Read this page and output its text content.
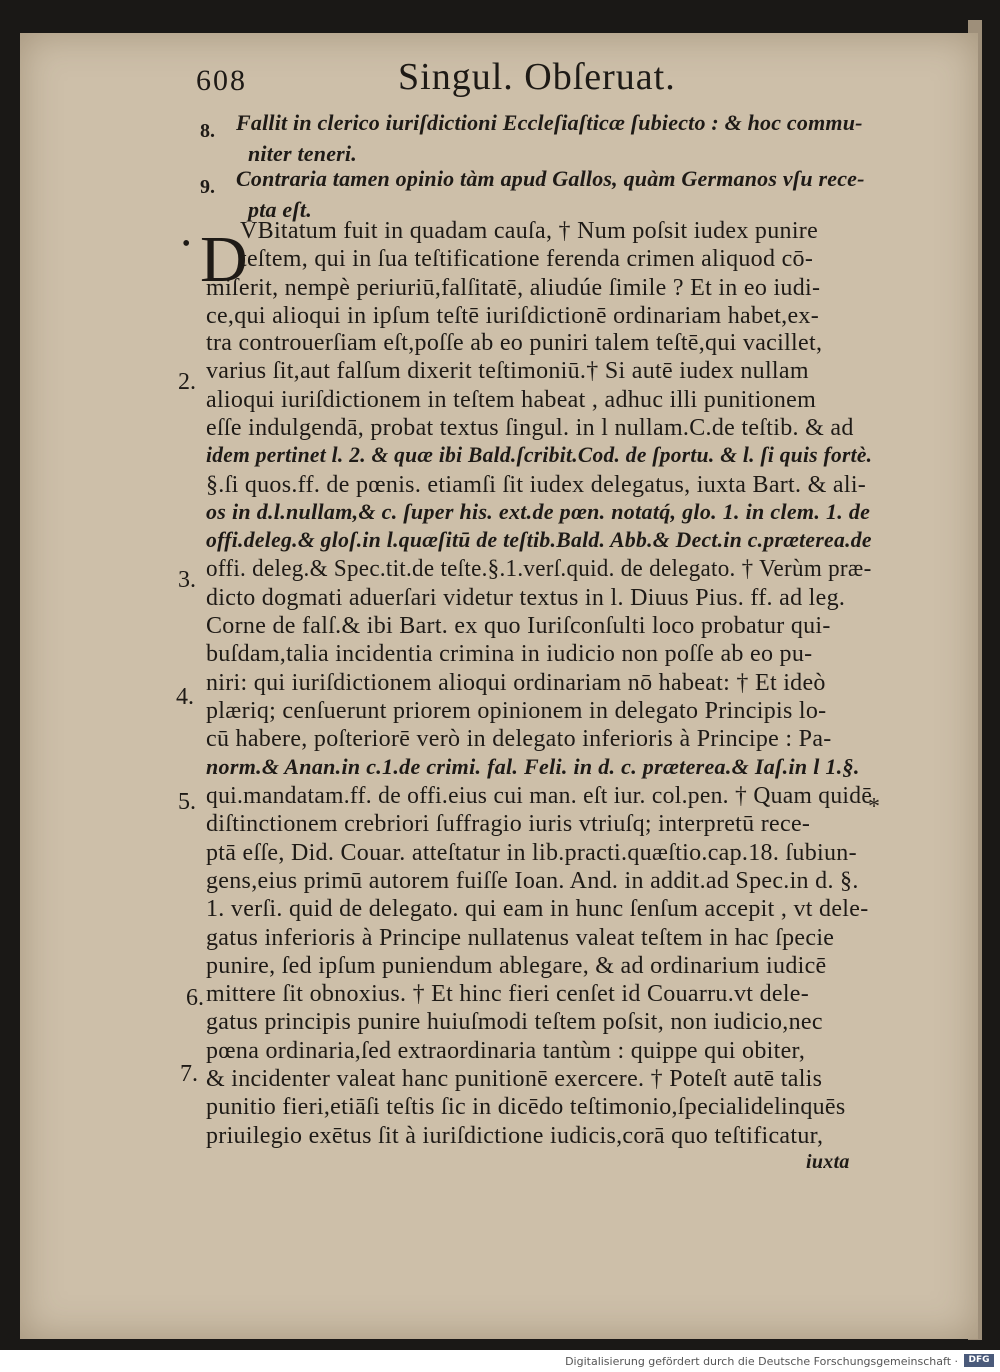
608	Singul. Obſeruat.
8. Fallit in clerico iuriſdictioni Eccleſiaſticæ ſubiecto : & hoc commu-
niter teneri.
9. Contraria tamen opinio tàm apud Gallos, quàm Germanos vſu rece-
pta eſt.
D
VBitatum fuit in quadam cauſa, † Num poſsit iudex punire
teſtem, qui in ſua teſtificatione ferenda crimen aliquod cō-
miſerit, nempè periuriū,falſitatē, aliudúe ſimile ? Et in eo iudi-
ce,qui alioqui in ipſum teſtē iuriſdictionē ordinariam habet,ex-
tra controuerſiam eſt,poſſe ab eo puniri talem teſtē,qui vacillet,
varius ſit,aut falſum dixerit teſtimoniū.† Si autē iudex nullam
alioqui iuriſdictionem in teſtem habeat , adhuc illi punitionem
eſſe indulgendā, probat textus ſingul. in l nullam.C.de teſtib. & ad
idem pertinet l. 2. & quæ ibi Bald.ſcribit.Cod. de ſportu. & l. ſi quis fortè.
§.ſi quos.ff. de pœnis. etiamſi ſit iudex delegatus, iuxta Bart. & ali-
os in d.l.nullam,& c. ſuper his. ext.de pœn. notatq́, glo. 1. in clem. 1. de
offi.deleg.& gloſ.in l.quæſitū de teſtib.Bald. Abb.& Dect.in c.præterea.de
offi. deleg.& Spec.tit.de teſte.§.1.verſ.quid. de delegato. † Verùm præ-
dicto dogmati aduerſari videtur textus in l. Diuus Pius. ff. ad leg.
Corne de falſ.& ibi Bart. ex quo Iuriſconſulti loco probatur qui-
buſdam,talia incidentia crimina in iudicio non poſſe ab eo pu-
niri: qui iuriſdictionem alioqui ordinariam nō habeat: † Et ideò
plæriq; cenſuerunt priorem opinionem in delegato Principis lo-
cū habere, poſteriorē verò in delegato inferioris à Principe : Pa-
norm.& Anan.in c.1.de crimi. fal. Feli. in d. c. præterea.& Iaſ.in l 1.§.
qui.mandatam.ff. de offi.eius cui man. eſt iur. col.pen. † Quam quidē
diſtinctionem crebriori ſuffragio iuris vtriuſq; interpretū rece-
ptā eſſe, Did. Couar. atteſtatur in lib.practi.quæſtio.cap.18. ſubiun-
gens,eius primū autorem fuiſſe Ioan. And. in addit.ad Spec.in d. §.
1. verſi. quid de delegato. qui eam in hunc ſenſum accepit , vt dele-
gatus inferioris à Principe nullatenus valeat teſtem in hac ſpecie
punire, ſed ipſum puniendum ablegare, & ad ordinarium iudicē
mittere ſit obnoxius. † Et hinc fieri cenſet id Couarru.vt dele-
gatus principis punire huiuſmodi teſtem poſsit, non iudicio,nec
pœna ordinaria,ſed extraordinaria tantùm : quippe qui obiter,
& incidenter valeat hanc punitionē exercere. † Poteſt autē talis
punitio fieri,etiāſi teſtis ſic in dicēdo teſtimonio,ſpecialidelinquēs
priuilegio exētus ſit à iuriſdictione iudicis,corā quo teſtificatur,
iuxta
•
2.
3.
4.
5.
6.
7.
*
Digitalisierung gefördert durch die Deutsche Forschungsgemeinschaft ·	DFG
